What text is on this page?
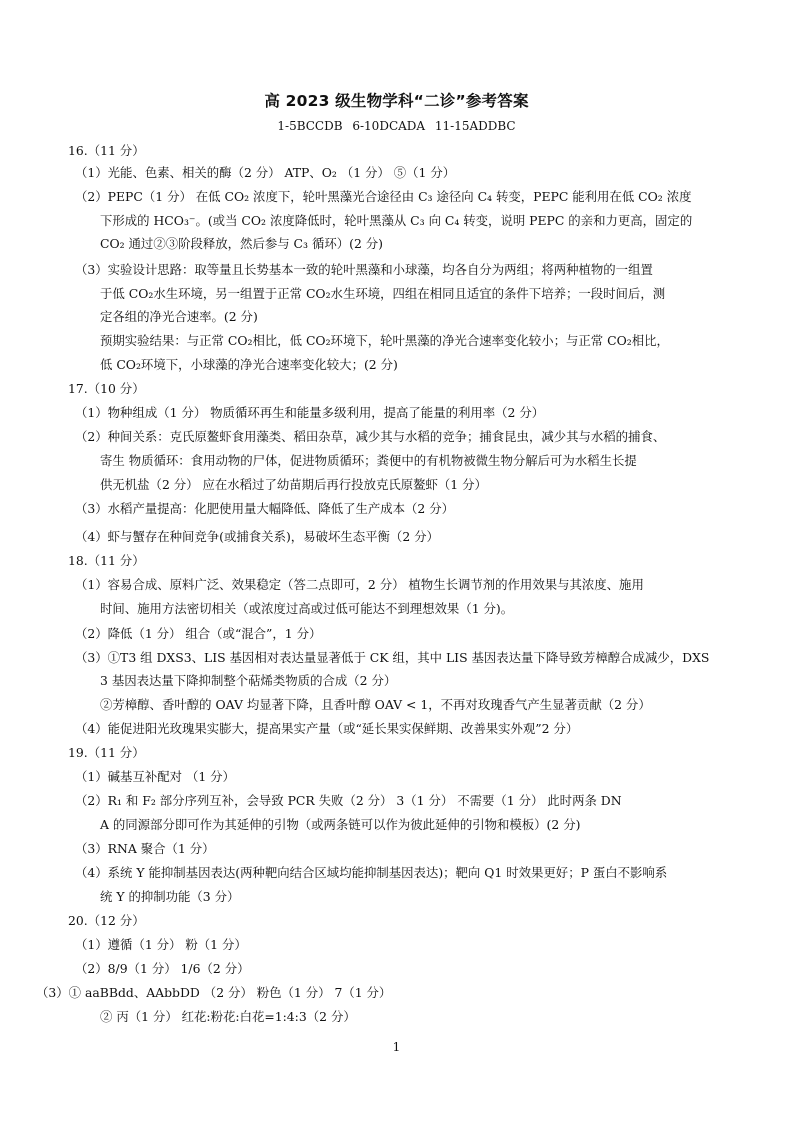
高 2023 级生物学科“二诊”参考答案
1-5BCCDB 6-10DCADA 11-15ADDBC
16.（11 分）
（1）光能、色素、相关的酶（2 分） ATP、O₂ （1 分） ⑤（1 分）
（2）PEPC（1 分） 在低 CO₂ 浓度下，轮叶黑藻光合途径由 C₃ 途径向 C₄ 转变，PEPC 能利用在低 CO₂ 浓度
下形成的 HCO₃⁻。(或当 CO₂ 浓度降低时，轮叶黑藻从 C₃ 向 C₄ 转变，说明 PEPC 的亲和力更高，固定的
CO₂ 通过②③阶段释放，然后参与 C₃ 循环）(2 分)
（3）实验设计思路：取等量且长势基本一致的轮叶黑藻和小球藻，均各自分为两组；将两种植物的一组置
于低 CO₂水生环境，另一组置于正常 CO₂水生环境，四组在相同且适宜的条件下培养；一段时间后，测
定各组的净光合速率。(2 分)
预期实验结果：与正常 CO₂相比，低 CO₂环境下，轮叶黑藻的净光合速率变化较小；与正常 CO₂相比，
低 CO₂环境下，小球藻的净光合速率变化较大；(2 分)
17.（10 分）
（1）物种组成（1 分） 物质循环再生和能量多级利用，提高了能量的利用率（2 分）
（2）种间关系：克氏原鳌虾食用藻类、稻田杂草，减少其与水稻的竞争；捕食昆虫，减少其与水稻的捕食、
寄生 物质循环：食用动物的尸体，促进物质循环；粪便中的有机物被微生物分解后可为水稻生长提
供无机盐（2 分） 应在水稻过了幼苗期后再行投放克氏原鳌虾（1 分）
（3）水稻产量提高：化肥使用量大幅降低、降低了生产成本（2 分）
（4）虾与蟹存在种间竞争(或捕食关系)，易破坏生态平衡（2 分）
18.（11 分）
（1）容易合成、原料广泛、效果稳定（答二点即可，2 分） 植物生长调节剂的作用效果与其浓度、施用
时间、施用方法密切相关（或浓度过高或过低可能达不到理想效果（1 分)。
（2）降低（1 分） 组合（或“混合”，1 分）
（3）①T3 组 DXS3、LIS 基因相对表达量显著低于 CK 组，其中 LIS 基因表达量下降导致芳樟醇合成减少，DXS
3 基因表达量下降抑制整个萜烯类物质的合成（2 分）
②芳樟醇、香叶醇的 OAV 均显著下降，且香叶醇 OAV < 1，不再对玫瑰香气产生显著贡献（2 分）
（4）能促进阳光玫瑰果实膨大，提高果实产量（或“延长果实保鲜期、改善果实外观”2 分）
19.（11 分）
（1）碱基互补配对 （1 分）
（2）R₁ 和 F₂ 部分序列互补，会导致 PCR 失败（2 分） 3（1 分） 不需要（1 分） 此时两条 DN
A 的同源部分即可作为其延伸的引物（或两条链可以作为彼此延伸的引物和模板）(2 分)
（3）RNA 聚合（1 分）
（4）系统 Y 能抑制基因表达(两种靶向结合区域均能抑制基因表达)；靶向 Q1 时效果更好；P 蛋白不影响系
统 Y 的抑制功能（3 分）
20.（12 分）
（1）遵循（1 分） 粉（1 分）
（2）8/9（1 分） 1/6（2 分）
（3）① aaBBdd、AAbbDD （2 分） 粉色（1 分） 7（1 分）
② 丙（1 分） 红花:粉花:白花=1:4:3（2 分）
1
